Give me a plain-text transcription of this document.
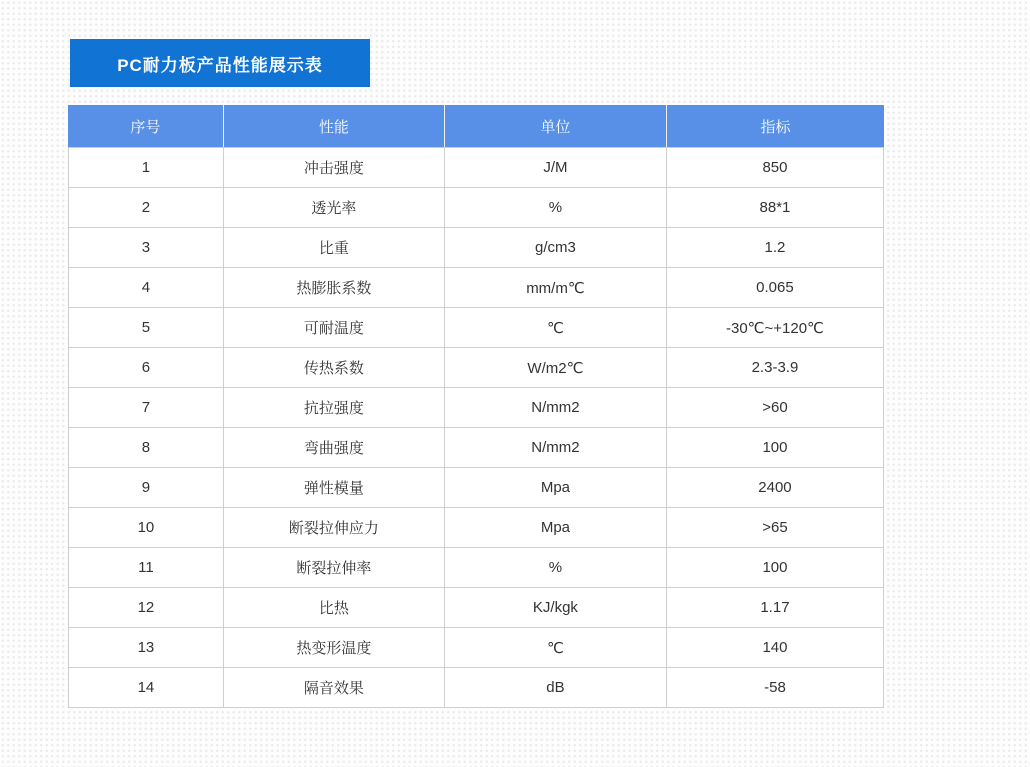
PC耐力板产品性能展示表
序号	性能	单位	指标
1	冲击强度	J/M	850
2	透光率	%	88*1
3	比重	g/cm3	1.2
4	热膨胀系数	mm/m℃	0.065
5	可耐温度	℃	-30℃~+120℃
6	传热系数	W/m2℃	2.3-3.9
7	抗拉强度	N/mm2	>60
8	弯曲强度	N/mm2	100
9	弹性模量	Mpa	2400
10	断裂拉伸应力	Mpa	>65
11	断裂拉伸率	%	100
12	比热	KJ/kgk	1.17
13	热变形温度	℃	140
14	隔音效果	dB	-58
